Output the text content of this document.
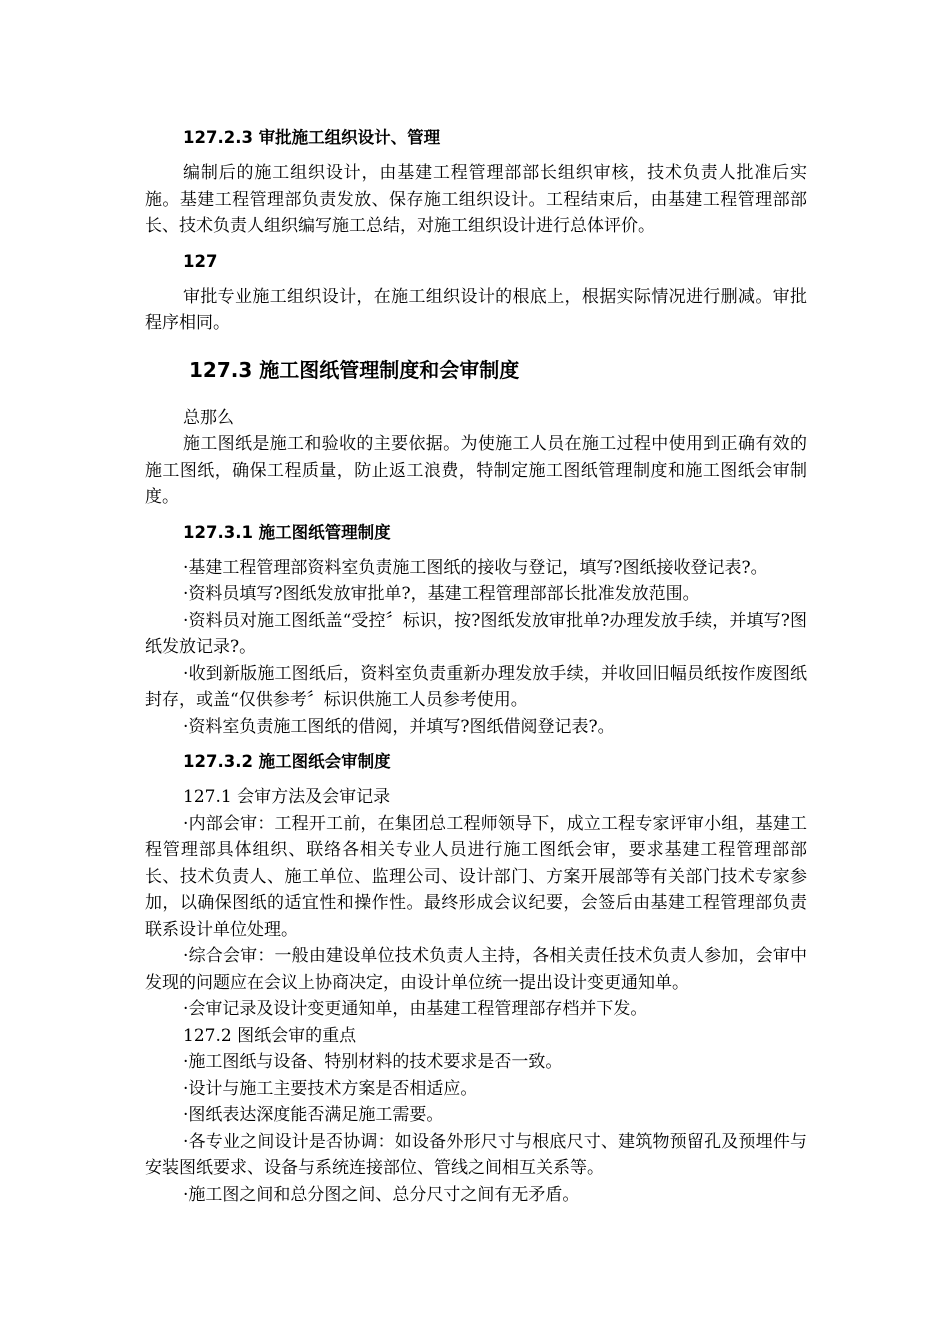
127.2.3 审批施工组织设计、管理

编制后的施工组织设计，由基建工程管理部部长组织审核，技术负责人批准后实施。基建工程管理部负责发放、保存施工组织设计。工程结束后，由基建工程管理部部长、技术负责人组织编写施工总结，对施工组织设计进行总体评价。

127

审批专业施工组织设计，在施工组织设计的根底上，根据实际情况进行删减。审批程序相同。

127.3 施工图纸管理制度和会审制度

总那么

施工图纸是施工和验收的主要依据。为使施工人员在施工过程中使用到正确有效的施工图纸，确保工程质量，防止返工浪费，特制定施工图纸管理制度和施工图纸会审制度。

127.3.1 施工图纸管理制度

·基建工程管理部资料室负责施工图纸的接收与登记，填写?图纸接收登记表?。

·资料员填写?图纸发放审批单?，基建工程管理部部长批准发放范围。

·资料员对施工图纸盖“受控〞标识，按?图纸发放审批单?办理发放手续，并填写?图纸发放记录?。

·收到新版施工图纸后，资料室负责重新办理发放手续，并收回旧幅员纸按作废图纸封存，或盖“仅供参考〞标识供施工人员参考使用。

·资料室负责施工图纸的借阅，并填写?图纸借阅登记表?。

127.3.2 施工图纸会审制度

127.1 会审方法及会审记录

·内部会审：工程开工前，在集团总工程师领导下，成立工程专家评审小组，基建工程管理部具体组织、联络各相关专业人员进行施工图纸会审，要求基建工程管理部部长、技术负责人、施工单位、监理公司、设计部门、方案开展部等有关部门技术专家参加，以确保图纸的适宜性和操作性。最终形成会议纪要，会签后由基建工程管理部负责联系设计单位处理。

·综合会审：一般由建设单位技术负责人主持，各相关责任技术负责人参加，会审中发现的问题应在会议上协商决定，由设计单位统一提出设计变更通知单。

·会审记录及设计变更通知单，由基建工程管理部存档并下发。

127.2 图纸会审的重点

·施工图纸与设备、特别材料的技术要求是否一致。

·设计与施工主要技术方案是否相适应。

·图纸表达深度能否满足施工需要。

·各专业之间设计是否协调：如设备外形尺寸与根底尺寸、建筑物预留孔及预埋件与安装图纸要求、设备与系统连接部位、管线之间相互关系等。

·施工图之间和总分图之间、总分尺寸之间有无矛盾。
